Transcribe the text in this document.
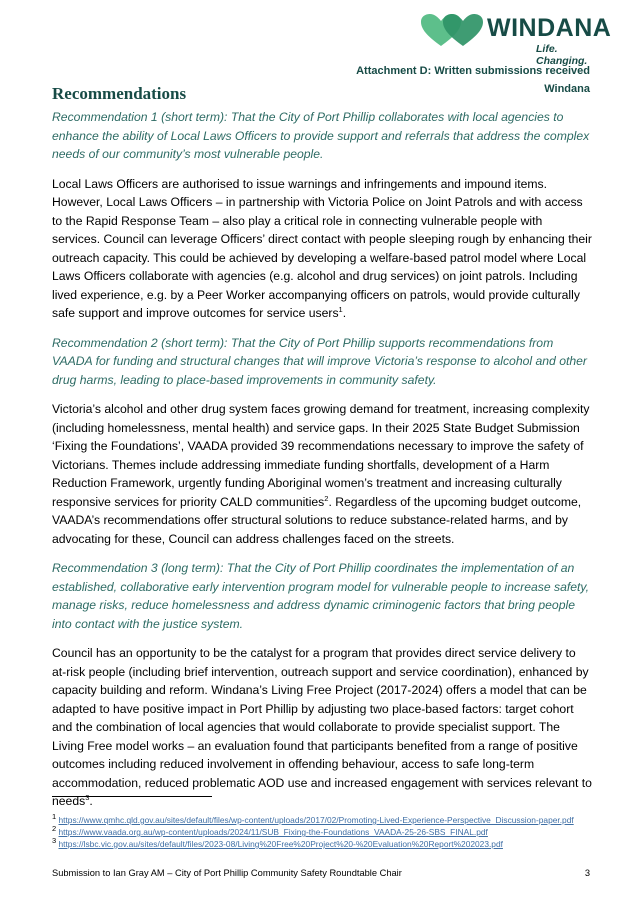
WINDANA
Life. Changing.
Attachment D: Written submissions received
Windana
Recommendations

Recommendation 1 (short term): That the City of Port Phillip collaborates with local agencies to enhance the ability of Local Laws Officers to provide support and referrals that address the complex needs of our community’s most vulnerable people.

Local Laws Officers are authorised to issue warnings and infringements and impound items. However, Local Laws Officers – in partnership with Victoria Police on Joint Patrols and with access to the Rapid Response Team – also play a critical role in connecting vulnerable people with services. Council can leverage Officers’ direct contact with people sleeping rough by enhancing their outreach capacity. This could be achieved by developing a welfare-based patrol model where Local Laws Officers collaborate with agencies (e.g. alcohol and drug services) on joint patrols. Including lived experience, e.g. by a Peer Worker accompanying officers on patrols, would provide culturally safe support and improve outcomes for service users$^1$.

Recommendation 2 (short term): That the City of Port Phillip supports recommendations from VAADA for funding and structural changes that will improve Victoria’s response to alcohol and other drug harms, leading to place-based improvements in community safety.

Victoria’s alcohol and other drug system faces growing demand for treatment, increasing complexity (including homelessness, mental health) and service gaps. In their 2025 State Budget Submission ‘Fixing the Foundations’, VAADA provided 39 recommendations necessary to improve the safety of Victorians. Themes include addressing immediate funding shortfalls, development of a Harm Reduction Framework, urgently funding Aboriginal women’s treatment and increasing culturally responsive services for priority CALD communities$^2$. Regardless of the upcoming budget outcome, VAADA’s recommendations offer structural solutions to reduce substance-related harms, and by advocating for these, Council can address challenges faced on the streets.

Recommendation 3 (long term): That the City of Port Phillip coordinates the implementation of an established, collaborative early intervention program model for vulnerable people to increase safety, manage risks, reduce homelessness and address dynamic criminogenic factors that bring people into contact with the justice system.

Council has an opportunity to be the catalyst for a program that provides direct service delivery to at-risk people (including brief intervention, outreach support and service coordination), enhanced by capacity building and reform. Windana’s Living Free Project (2017-2024) offers a model that can be adapted to have positive impact in Port Phillip by adjusting two place-based factors: target cohort and the combination of local agencies that would collaborate to provide specialist support. The Living Free model works – an evaluation found that participants benefited from a range of positive outcomes including reduced involvement in offending behaviour, access to safe long-term accommodation, reduced problematic AOD use and increased engagement with services relevant to needs$^3$.

$^1$ https://www.qmhc.qld.gov.au/sites/default/files/wp-content/uploads/2017/02/Promoting-Lived-Experience-Perspective_Discussion-paper.pdf
$^2$ https://www.vaada.org.au/wp-content/uploads/2024/11/SUB_Fixing-the-Foundations_VAADA-25-26-SBS_FINAL.pdf
$^3$ https://lsbc.vic.gov.au/sites/default/files/2023-08/Living%20Free%20Project%20-%20Evaluation%20Report%202023.pdf
Submission to Ian Gray AM – City of Port Phillip Community Safety Roundtable Chair	3
